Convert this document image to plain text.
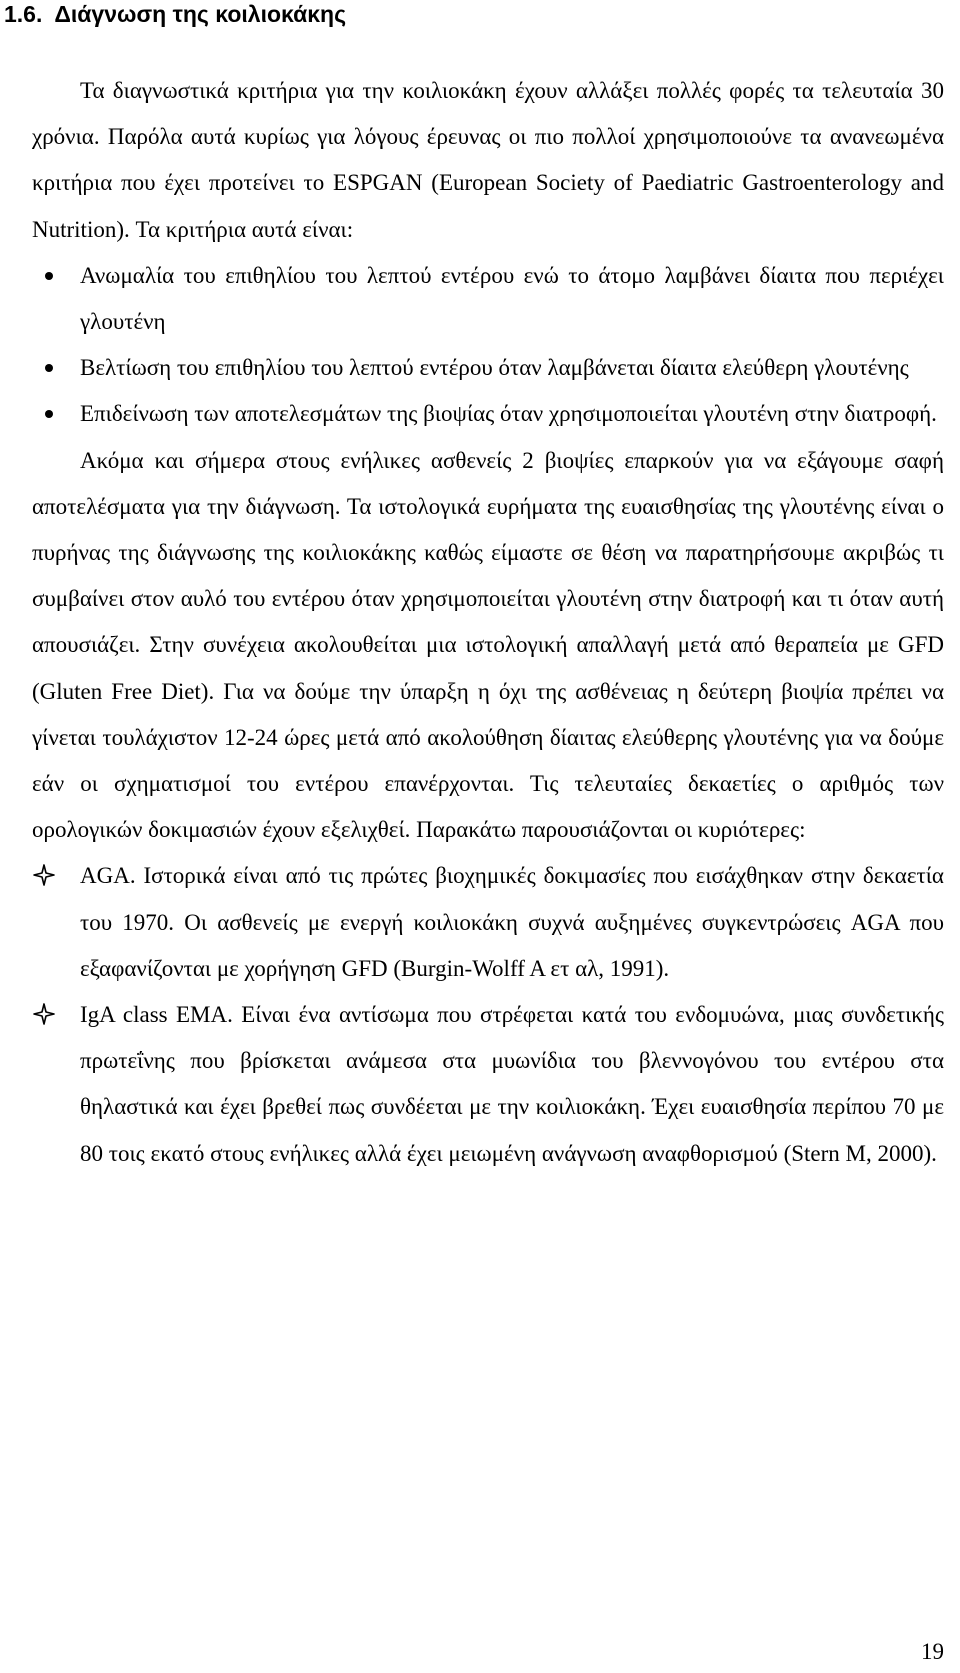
1.6. Διάγνωση της κοιλιοκάκης

Τα διαγνωστικά κριτήρια για την κοιλιοκάκη έχουν αλλάξει πολλές φορές τα τελευταία 30 χρόνια. Παρόλα αυτά κυρίως για λόγους έρευνας οι πιο πολλοί χρησιμοποιούνε τα ανανεωμένα κριτήρια που έχει προτείνει το ESPGAN (European Society of Paediatric Gastroenterology and Nutrition). Τα κριτήρια αυτά είναι:

Ανωμαλία του επιθηλίου του λεπτού εντέρου ενώ το άτομο λαμβάνει δίαιτα που περιέχει γλουτένη
Βελτίωση του επιθηλίου του λεπτού εντέρου όταν λαμβάνεται δίαιτα ελεύθερη γλουτένης
Επιδείνωση των αποτελεσμάτων της βιοψίας όταν χρησιμοποιείται γλουτένη στην διατροφή.

Ακόμα και σήμερα στους ενήλικες ασθενείς 2 βιοψίες επαρκούν για να εξάγουμε σαφή αποτελέσματα για την διάγνωση. Τα ιστολογικά ευρήματα της ευαισθησίας της γλουτένης είναι ο πυρήνας της διάγνωσης της κοιλιοκάκης καθώς είμαστε σε θέση να παρατηρήσουμε ακριβώς τι συμβαίνει στον αυλό του εντέρου όταν χρησιμοποιείται γλουτένη στην διατροφή και τι όταν αυτή απουσιάζει. Στην συνέχεια ακολουθείται μια ιστολογική απαλλαγή μετά από θεραπεία με GFD (Gluten Free Diet). Για να δούμε την ύπαρξη η όχι της ασθένειας η δεύτερη βιοψία πρέπει να γίνεται τουλάχιστον 12-24 ώρες μετά από ακολούθηση δίαιτας ελεύθερης γλουτένης για να δούμε εάν οι σχηματισμοί του εντέρου επανέρχονται. Τις τελευταίες δεκαετίες ο αριθμός των ορολογικών δοκιμασιών έχουν εξελιχθεί. Παρακάτω παρουσιάζονται οι κυριότερες:

AGA. Ιστορικά είναι από τις πρώτες βιοχημικές δοκιμασίες που εισάχθηκαν στην δεκαετία του 1970. Οι ασθενείς με ενεργή κοιλιοκάκη συχνά αυξημένες συγκεντρώσεις AGA που εξαφανίζονται με χορήγηση GFD (Burgin-Wolff A ετ αλ, 1991).
IgA class EMA. Είναι ένα αντίσωμα που στρέφεται κατά του ενδομυώνα, μιας συνδετικής πρωτεΐνης που βρίσκεται ανάμεσα στα μυωνίδια του βλεννογόνου του εντέρου στα θηλαστικά και έχει βρεθεί πως συνδέεται με την κοιλιοκάκη. Έχει ευαισθησία περίπου 70 με 80 τοις εκατό στους ενήλικες αλλά έχει μειωμένη ανάγνωση αναφθορισμού (Stern M, 2000).
19
